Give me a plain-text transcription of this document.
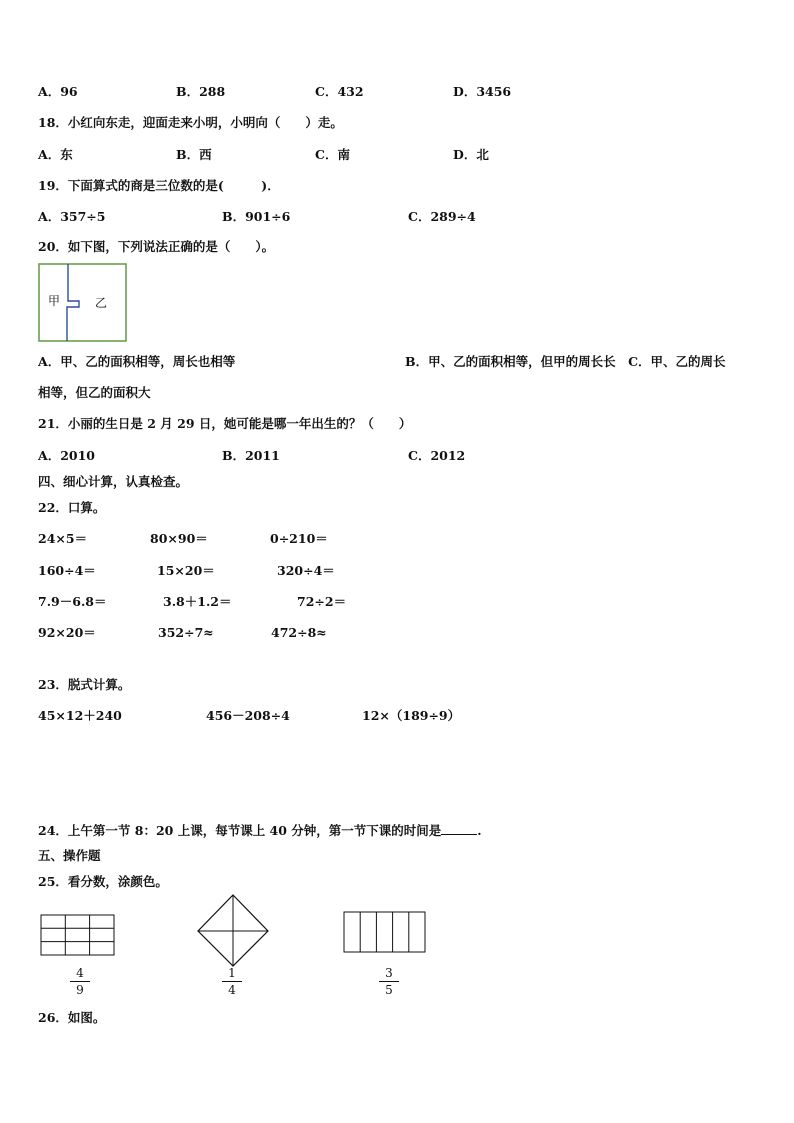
A．96	B．288	C．432	D．3456
18．小红向东走，迎面走来小明，小明向（　　）走。
A．东	B．西	C．南	D．北
19．下面算式的商是三位数的是(　　　)．
A．357÷5	B．901÷6	C．289÷4
20．如下图，下列说法正确的是（　　）。
甲	乙
A．甲、乙的面积相等，周长也相等	B．甲、乙的面积相等，但甲的周长长　C．甲、乙的周长
相等，但乙的面积大
21．小丽的生日是 2 月 29 日，她可能是哪一年出生的？（　　）
A．2010	B．2011	C．2012
四、细心计算，认真检查。
22．口算。
24×5＝	80×90＝	0÷210＝
160÷4＝	15×20＝	320÷4＝
7.9－6.8＝	3.8＋1.2＝	72÷2＝
92×20＝	352÷7≈	472÷8≈
23．脱式计算。
45×12＋240	456－208÷4	12×（189÷9）
24．上午第一节 8：20 上课，每节课上 40 分钟，第一节下课的时间是	.
五、操作题
25．看分数，涂颜色。
4
9
1
4
3
5
26．如图。
